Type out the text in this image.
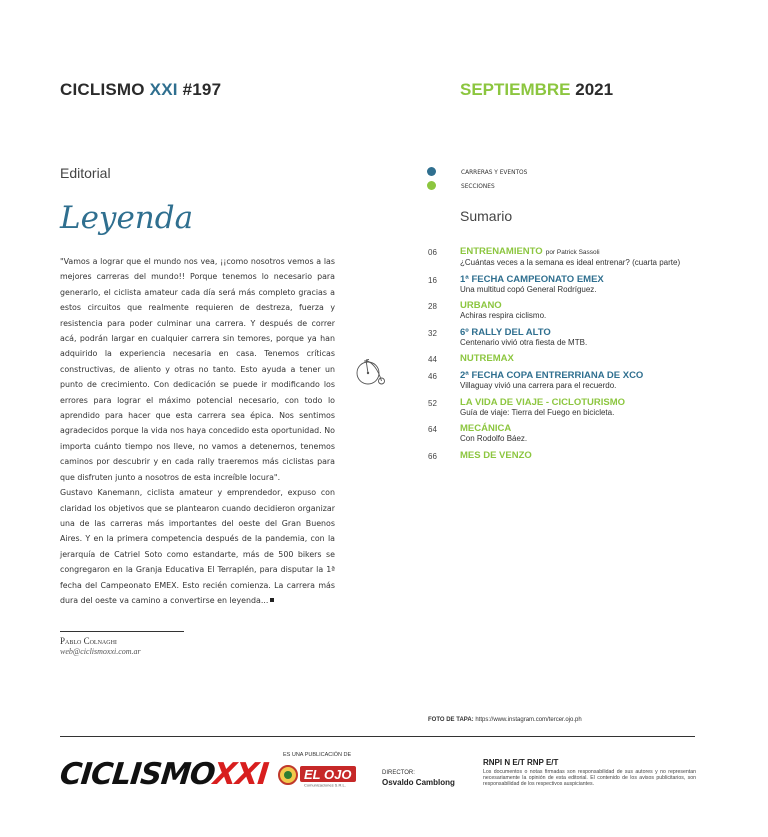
CICLISMO XXI #197	SEPTIEMBRE 2021
Editorial
Leyenda

"Vamos a lograr que el mundo nos vea, ¡¡como nosotros vemos a las mejores carreras del mundo!! Porque tenemos lo necesario para generarlo, el ciclista amateur cada día será más completo gracias a estos circuitos que realmente requieren de destreza, fuerza y resistencia para poder culminar una carrera. Y después de correr acá, podrán largar en cualquier carrera sin temores, porque ya han adquirido la experiencia necesaria en casa. Tenemos críticas constructivas, de aliento y otras no tanto. Esto ayuda a tener un punto de crecimiento. Con dedicación se puede ir modificando los errores para lograr el máximo potencial necesario, con todo lo aprendido para hacer que esta carrera sea épica. Nos sentimos agradecidos porque la vida nos haya concedido esta oportunidad. No importa cuánto tiempo nos lleve, no vamos a detenernos, tenemos caminos por descubrir y en cada rally traeremos más ciclistas para que disfruten junto a nosotros de esta increíble locura".

Gustavo Kanemann, ciclista amateur y emprendedor, expuso con claridad los objetivos que se plantearon cuando decidieron organizar una de las carreras más importantes del oeste del Gran Buenos Aires. Y en la primera competencia después de la pandemia, con la jerarquía de Catriel Soto como estandarte, más de 500 bikers se congregaron en la Granja Educativa El Terraplén, para disputar la 1ª fecha del Campeonato EMEX. Esto recién comienza. La carrera más dura del oeste va camino a convertirse en leyenda...

Pablo Colnaghi
web@ciclismoxxi.com.ar
CARRERAS Y EVENTOS
SECCIONES
Sumario
06	ENTRENAMIENTO por Patrick Sassoli
¿Cuántas veces a la semana es ideal entrenar? (cuarta parte)
16	1ª FECHA CAMPEONATO EMEX
Una multitud copó General Rodríguez.
28	URBANO
Achiras respira ciclismo.
32	6º RALLY DEL ALTO
Centenario vivió otra fiesta de MTB.
44	NUTREMAX
46	2ª FECHA COPA ENTRERRIANA DE XCO
Villaguay vivió una carrera para el recuerdo.
52	LA VIDA DE VIAJE - CICLOTURISMO
Guía de viaje: Tierra del Fuego en bicicleta.
64	MECÁNICA
Con Rodolfo Báez.
66	MES DE VENZO
FOTO DE TAPA: https://www.instagram.com/tercer.ojo.ph
CICLISMOXXI
ES UNA PUBLICACIÓN DE
EL OJO
Comunicaciones S.R.L.
DIRECTOR:
Osvaldo Camblong
RNPI N E/T RNP E/T
Los documentos o notas firmadas son responsabilidad de sus autores y no representan necesariamente la opinión de esta editorial. El contenido de los avisos publicitarios, son responsabilidad de los respectivos auspiciantes.
